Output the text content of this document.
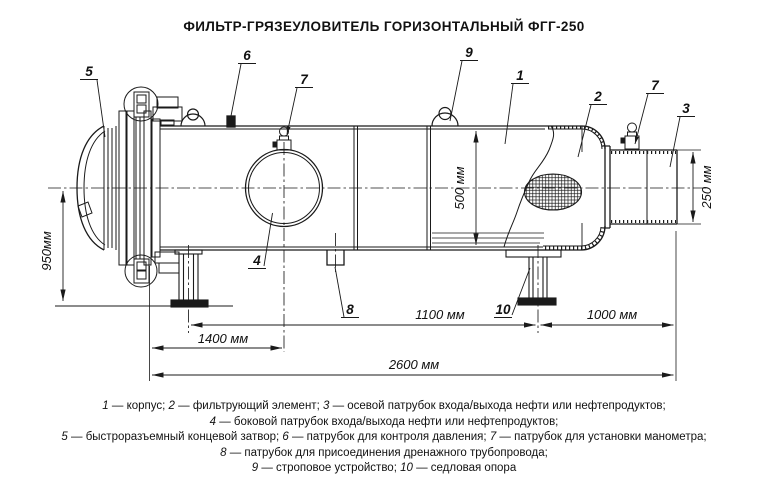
ФИЛЬТР-ГРЯЗЕУЛОВИТЕЛЬ ГОРИЗОНТАЛЬНЫЙ ФГГ-250
950мм
500 мм	250 мм
1100 мм	1000 мм
1400 мм
2600 мм
5
6
7
9
1
2
7
3
4
8	10
1 — корпус; 2 — фильтрующий элемент; 3 — осевой патрубок входа/выхода нефти или нефтепродуктов;
4 — боковой патрубок входа/выхода нефти или нефтепродуктов;
5 — быстроразъемный концевой затвор; 6 — патрубок для контроля давления; 7 — патрубок для установки манометра;
8 — патрубок для присоединения дренажного трубопровода;
9 — строповое устройство; 10 — седловая опора
